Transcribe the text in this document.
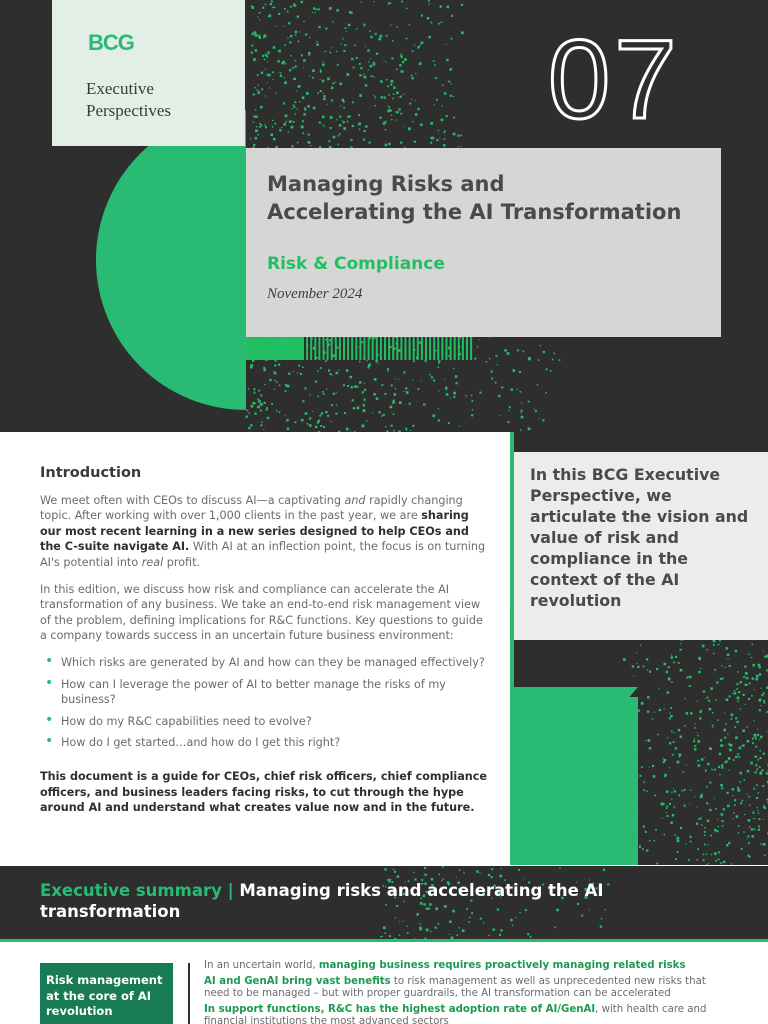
BCG
Executive
Perspectives	07
Managing Risks and
Accelerating the AI Transformation
Risk & Compliance
November 2024
Introduction

We meet often with CEOs to discuss AI—a captivating and rapidly changing topic. After working with over 1,000 clients in the past year, we are sharing our most recent learning in a new series designed to help CEOs and the C-suite navigate AI. With AI at an inflection point, the focus is on turning AI's potential into real profit.

In this edition, we discuss how risk and compliance can accelerate the AI transformation of any business. We take an end-to-end risk management view of the problem, defining implications for R&C functions. Key questions to guide a company towards success in an uncertain future business environment:

• Which risks are generated by AI and how can they be managed effectively?
• How can I leverage the power of AI to better manage the risks of my business?
• How do my R&C capabilities need to evolve?
• How do I get started…and how do I get this right?

This document is a guide for CEOs, chief risk officers, chief compliance officers, and business leaders facing risks, to cut through the hype around AI and understand what creates value now and in the future.

In this BCG Executive Perspective, we articulate the vision and value of risk and compliance in the context of the AI revolution

Executive summary | Managing risks and accelerating the AI transformation
Risk management at the core of AI revolution

In an uncertain world, managing business requires proactively managing related risks

AI and GenAI bring vast benefits to risk management as well as unprecedented new risks that need to be managed – but with proper guardrails, the AI transformation can be accelerated

In support functions, R&C has the highest adoption rate of AI/GenAI, with health care and financial institutions the most advanced sectors
